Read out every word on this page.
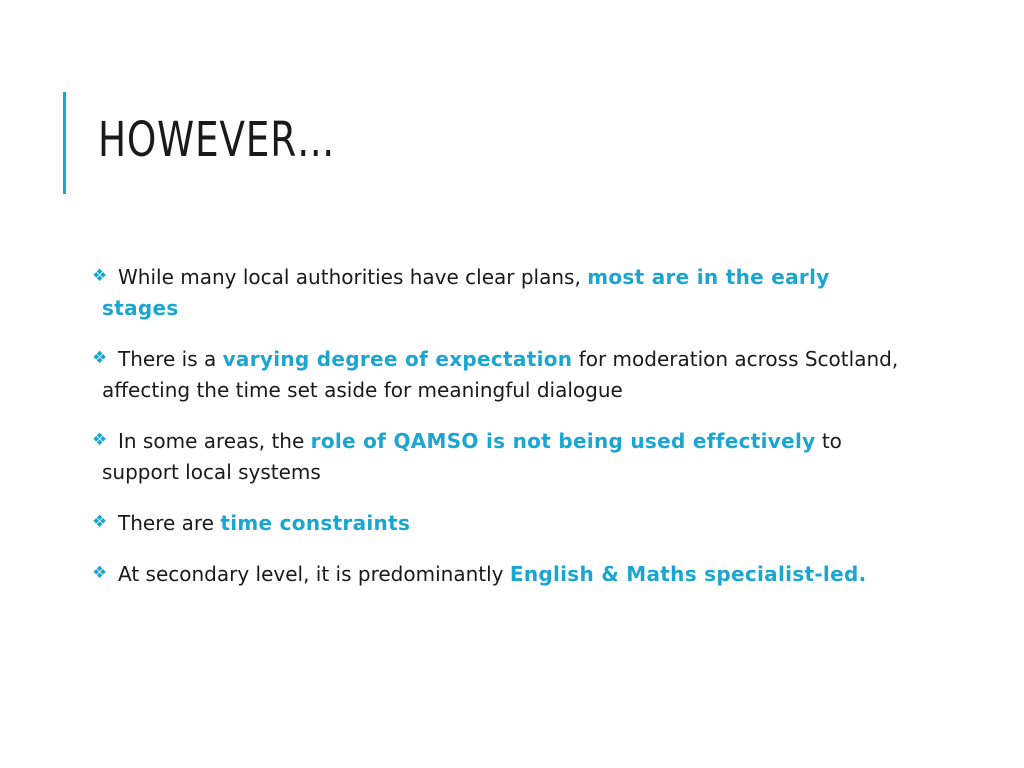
HOWEVER…
❖ While many local authorities have clear plans, most are in the early stages
❖ There is a varying degree of expectation for moderation across Scotland, affecting the time set aside for meaningful dialogue
❖ In some areas, the role of QAMSO is not being used effectively to support local systems
❖ There are time constraints
❖ At secondary level, it is predominantly English & Maths specialist-led.
